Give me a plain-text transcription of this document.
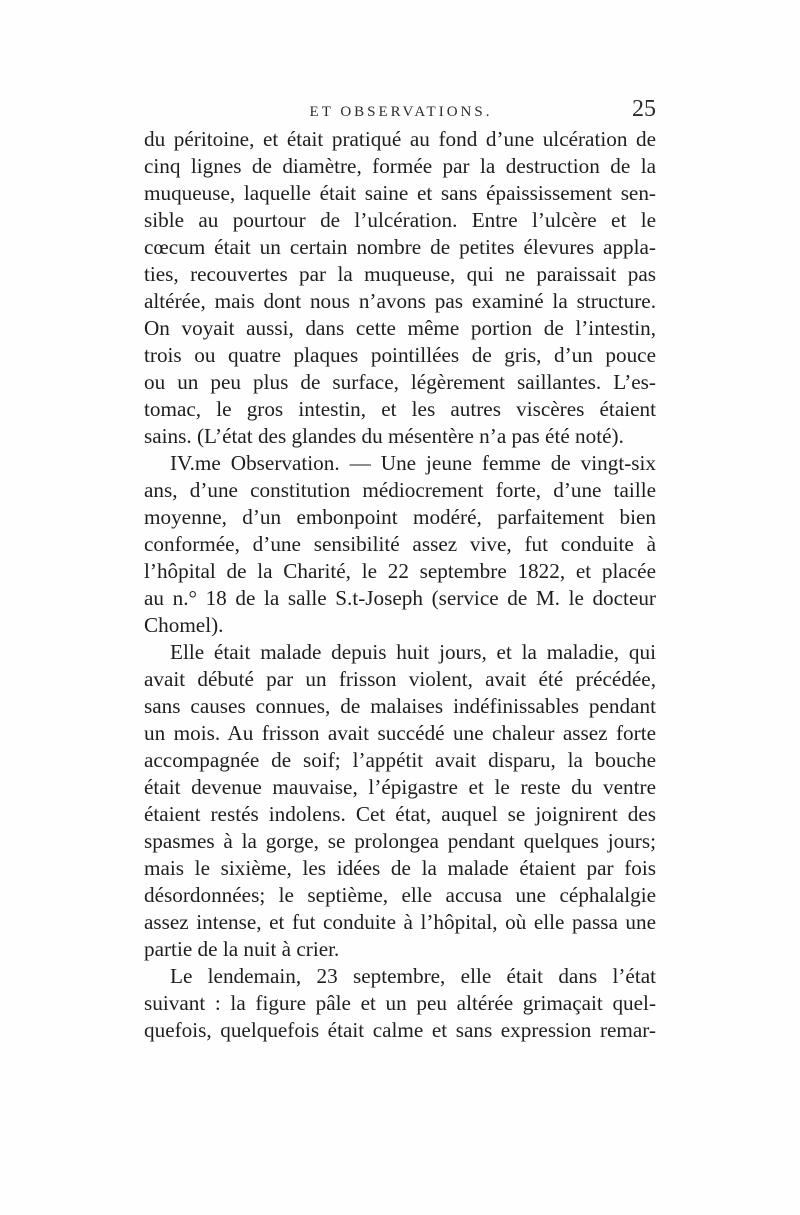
ET OBSERVATIONS.	25
du péritoine, et était pratiqué au fond d’une ulcération de
cinq lignes de diamètre, formée par la destruction de la
muqueuse, laquelle était saine et sans épaississement sen-
sible au pourtour de l’ulcération. Entre l’ulcère et le
cœcum était un certain nombre de petites élevures appla-
ties, recouvertes par la muqueuse, qui ne paraissait pas
altérée, mais dont nous n’avons pas examiné la structure.
On voyait aussi, dans cette même portion de l’intestin,
trois ou quatre plaques pointillées de gris, d’un pouce
ou un peu plus de surface, légèrement saillantes. L’es-
tomac, le gros intestin, et les autres viscères étaient
sains. (L’état des glandes du mésentère n’a pas été noté).
IV.me Observation. — Une jeune femme de vingt-six
ans, d’une constitution médiocrement forte, d’une taille
moyenne, d’un embonpoint modéré, parfaitement bien
conformée, d’une sensibilité assez vive, fut conduite à
l’hôpital de la Charité, le 22 septembre 1822, et placée
au n.° 18 de la salle S.t-Joseph (service de M. le docteur
Chomel).
Elle était malade depuis huit jours, et la maladie, qui
avait débuté par un frisson violent, avait été précédée,
sans causes connues, de malaises indéfinissables pendant
un mois. Au frisson avait succédé une chaleur assez forte
accompagnée de soif; l’appétit avait disparu, la bouche
était devenue mauvaise, l’épigastre et le reste du ventre
étaient restés indolens. Cet état, auquel se joignirent des
spasmes à la gorge, se prolongea pendant quelques jours;
mais le sixième, les idées de la malade étaient par fois
désordonnées; le septième, elle accusa une céphalalgie
assez intense, et fut conduite à l’hôpital, où elle passa une
partie de la nuit à crier.
Le lendemain, 23 septembre, elle était dans l’état
suivant : la figure pâle et un peu altérée grimaçait quel-
quefois, quelquefois était calme et sans expression remar-
